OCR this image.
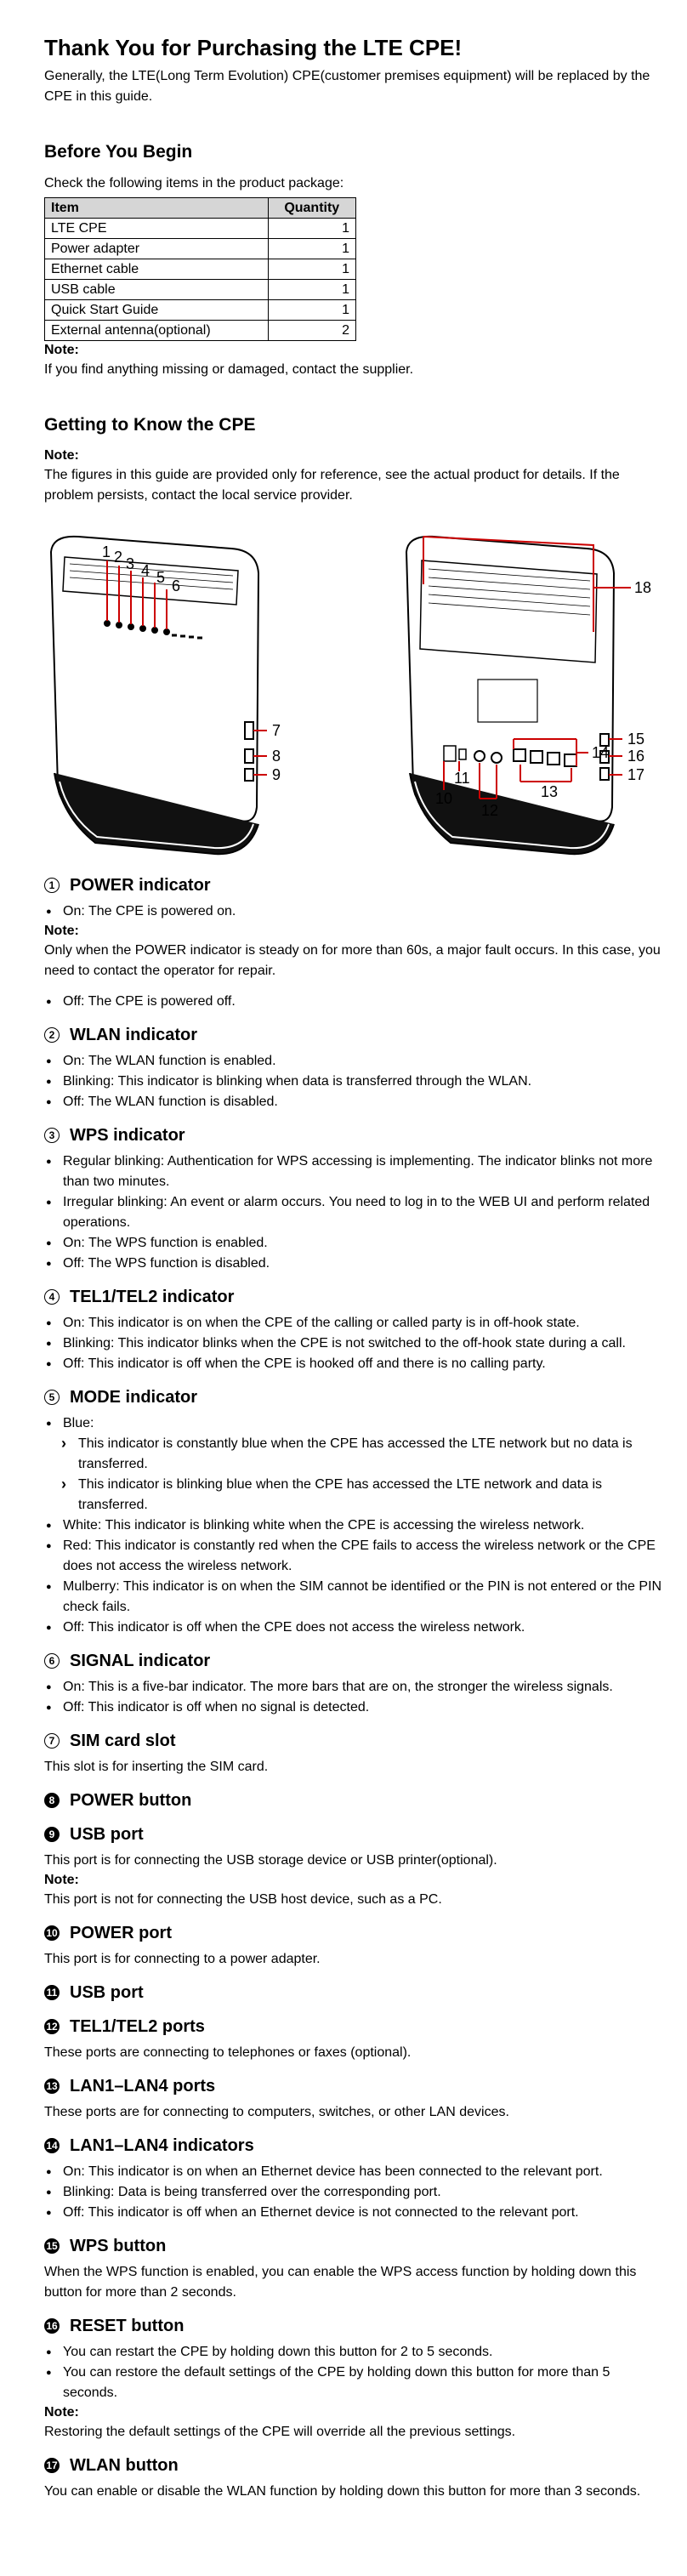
Thank You for Purchasing the LTE CPE!

Generally, the LTE(Long Term Evolution) CPE(customer premises equipment) will be replaced by the CPE in this guide.

Before You Begin

Check the following items in the product package:

Item	Quantity
LTE CPE	1
Power adapter	1
Ethernet cable	1
USB cable	1
Quick Start Guide	1
External antenna(optional)	2
Note:

If you find anything missing or damaged, contact the supplier.

Getting to Know the CPE
Note:

The figures in this guide are provided only for reference, see the actual product for details. If the problem persists, contact the local service provider.

1 2 3 4 5 6
7
8
9
10
11
12
13
14
15
16
17
18
1 POWER indicator
● On: The CPE is powered on.
Note:

Only when the POWER indicator is steady on for more than 60s, a major fault occurs. In this case, you need to contact the operator for repair.

● Off: The CPE is powered off.
2 WLAN indicator
● On: The WLAN function is enabled.
● Blinking: This indicator is blinking when data is transferred through the WLAN.
● Off: The WLAN function is disabled.
3 WPS indicator
● Regular blinking: Authentication for WPS accessing is implementing. The indicator blinks not more than two minutes.
● Irregular blinking: An event or alarm occurs. You need to log in to the WEB UI and perform related operations.
● On: The WPS function is enabled.
● Off: The WPS function is disabled.
4 TEL1/TEL2 indicator
● On: This indicator is on when the CPE of the calling or called party is in off-hook state.
● Blinking: This indicator blinks when the CPE is not switched to the off-hook state during a call.
● Off: This indicator is off when the CPE is hooked off and there is no calling party.
5 MODE indicator
● Blue:
› This indicator is constantly blue when the CPE has accessed the LTE network but no data is transferred.
› This indicator is blinking blue when the CPE has accessed the LTE network and data is transferred.
● White: This indicator is blinking white when the CPE is accessing the wireless network.
● Red: This indicator is constantly red when the CPE fails to access the wireless network or the CPE does not access the wireless network.
● Mulberry: This indicator is on when the SIM cannot be identified or the PIN is not entered or the PIN check fails.
● Off: This indicator is off when the CPE does not access the wireless network.
6 SIGNAL indicator
● On: This is a five-bar indicator. The more bars that are on, the stronger the wireless signals.
● Off: This indicator is off when no signal is detected.
7 SIM card slot

This slot is for inserting the SIM card.

8 POWER button
9 USB port

This port is for connecting the USB storage device or USB printer(optional).

Note:

This port is not for connecting the USB host device, such as a PC.

10 POWER port

This port is for connecting to a power adapter.

11 USB port
12 TEL1/TEL2 ports

These ports are connecting to telephones or faxes (optional).

13 LAN1–LAN4 ports

These ports are for connecting to computers, switches, or other LAN devices.

14 LAN1–LAN4 indicators
● On: This indicator is on when an Ethernet device has been connected to the relevant port.
● Blinking: Data is being transferred over the corresponding port.
● Off: This indicator is off when an Ethernet device is not connected to the relevant port.
15 WPS button

When the WPS function is enabled, you can enable the WPS access function by holding down this button for more than 2 seconds.

16 RESET button
● You can restart the CPE by holding down this button for 2 to 5 seconds.
● You can restore the default settings of the CPE by holding down this button for more than 5 seconds.
Note:

Restoring the default settings of the CPE will override all the previous settings.

17 WLAN button

You can enable or disable the WLAN function by holding down this button for more than 3 seconds.
